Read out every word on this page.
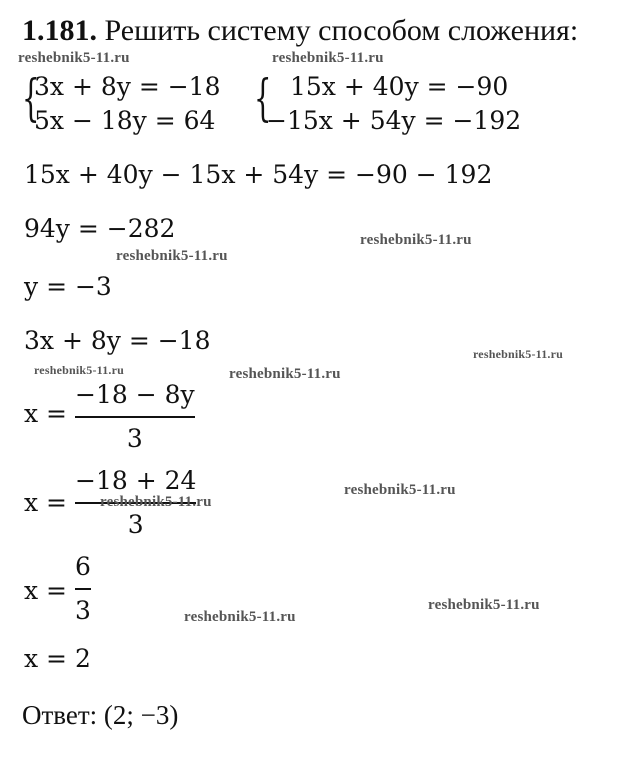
1.181. Решить систему способом сложения:
{
3x + 8y = −18
5x − 18y = 64 { 15x + 40y = −90
−15x + 54y = −192
15x + 40y − 15x + 54y = −90 − 192
94y = −282
y = −3
3x + 8y = −18
x =
−18 − 8y
3
x =
−18 + 24
3
x =
6
3
x = 2
Ответ: (2; −3)
reshebnik5-11.ru	reshebnik5-11.ru
reshebnik5-11.ru
reshebnik5-11.ru
reshebnik5-11.ru
reshebnik5-11.ru	reshebnik5-11.ru
reshebnik5-11.ru
reshebnik5-11.ru
reshebnik5-11.ru
reshebnik5-11.ru
